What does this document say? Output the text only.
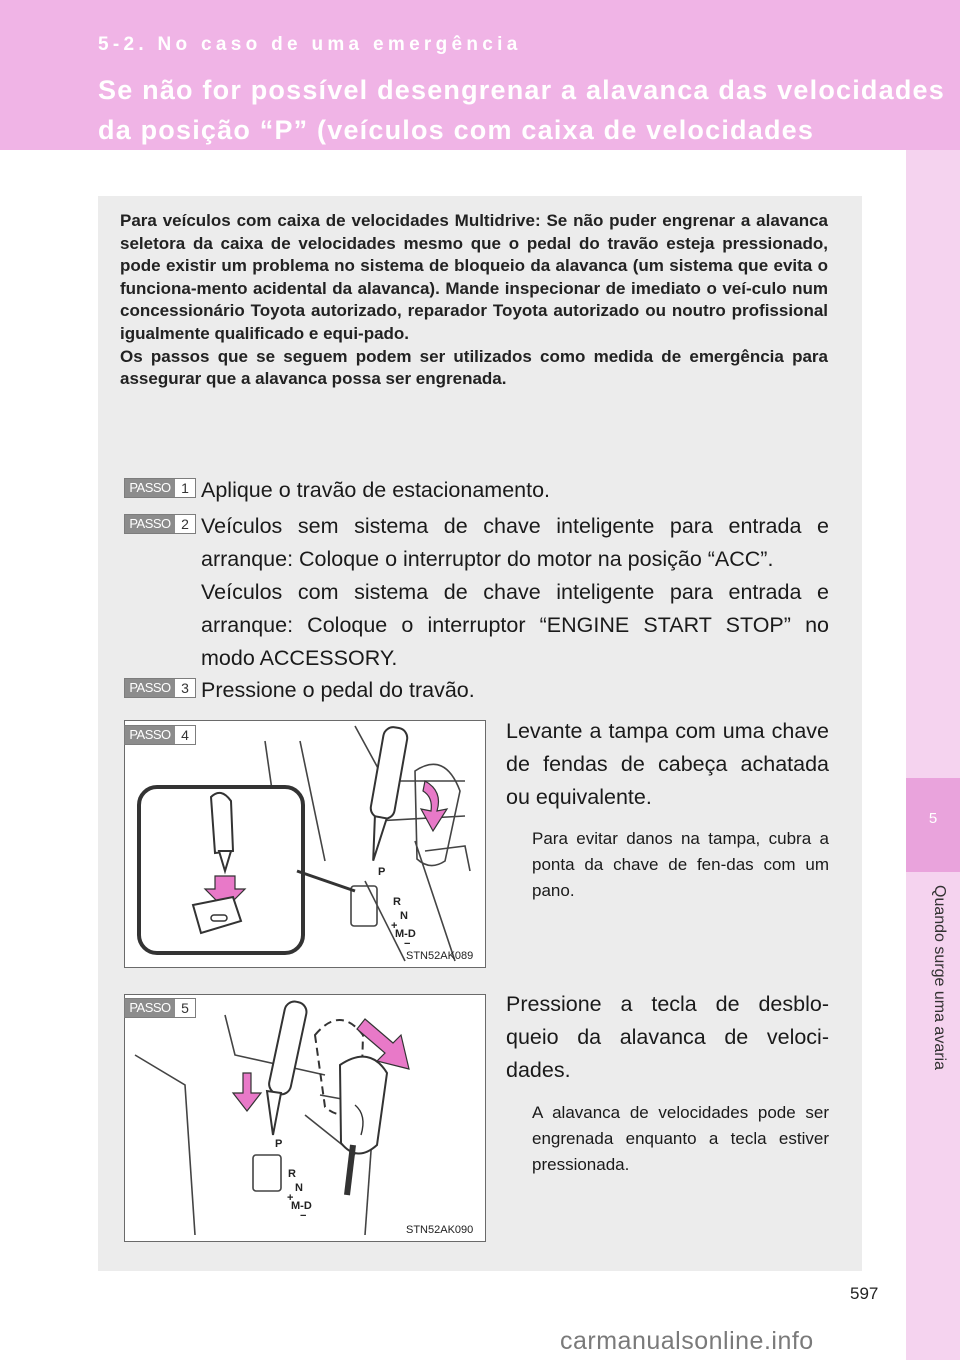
5-2. No caso de uma emergência
Se não for possível desengrenar a alavanca das velocidades
da posição “P” (veículos com caixa de velocidades Multidrive)
5
Quando surge uma avaria

Para veículos com caixa de velocidades Multidrive: Se não puder engrenar a alavanca seletora da caixa de velocidades mesmo que o pedal do travão esteja pressionado, pode existir um problema no sistema de bloqueio da alavanca (um sistema que evita o funciona-mento acidental da alavanca). Mande inspecionar de imediato o veí-culo num concessionário Toyota autorizado, reparador Toyota autorizado ou noutro profissional igualmente qualificado e equi-pado.

Os passos que se seguem podem ser utilizados como medida de emergência para assegurar que a alavanca possa ser engrenada.

PASSO 1 Aplique o travão de estacionamento.
PASSO 2 Veículos sem sistema de chave inteligente para entrada e arranque: Coloque o interruptor do motor na posição “ACC”.
Veículos com sistema de chave inteligente para entrada e arranque: Coloque o interruptor “ENGINE START STOP” no modo ACCESSORY.
PASSO 3 Pressione o pedal do travão.
STN52AK089
P
R
N
+
M-D
−
PASSO 4	Levante a tampa com uma chave de fendas de cabeça achatada ou equivalente.
Para evitar danos na tampa, cubra a ponta da chave de fen-das com um pano.
STN52AK090
P
R
N
+
M-D
−
PASSO 5	Pressione a tecla de desblo-queio da alavanca de veloci-dades.
A alavanca de velocidades pode ser engrenada enquanto a tecla estiver pressionada.
597
carmanualsonline.info
